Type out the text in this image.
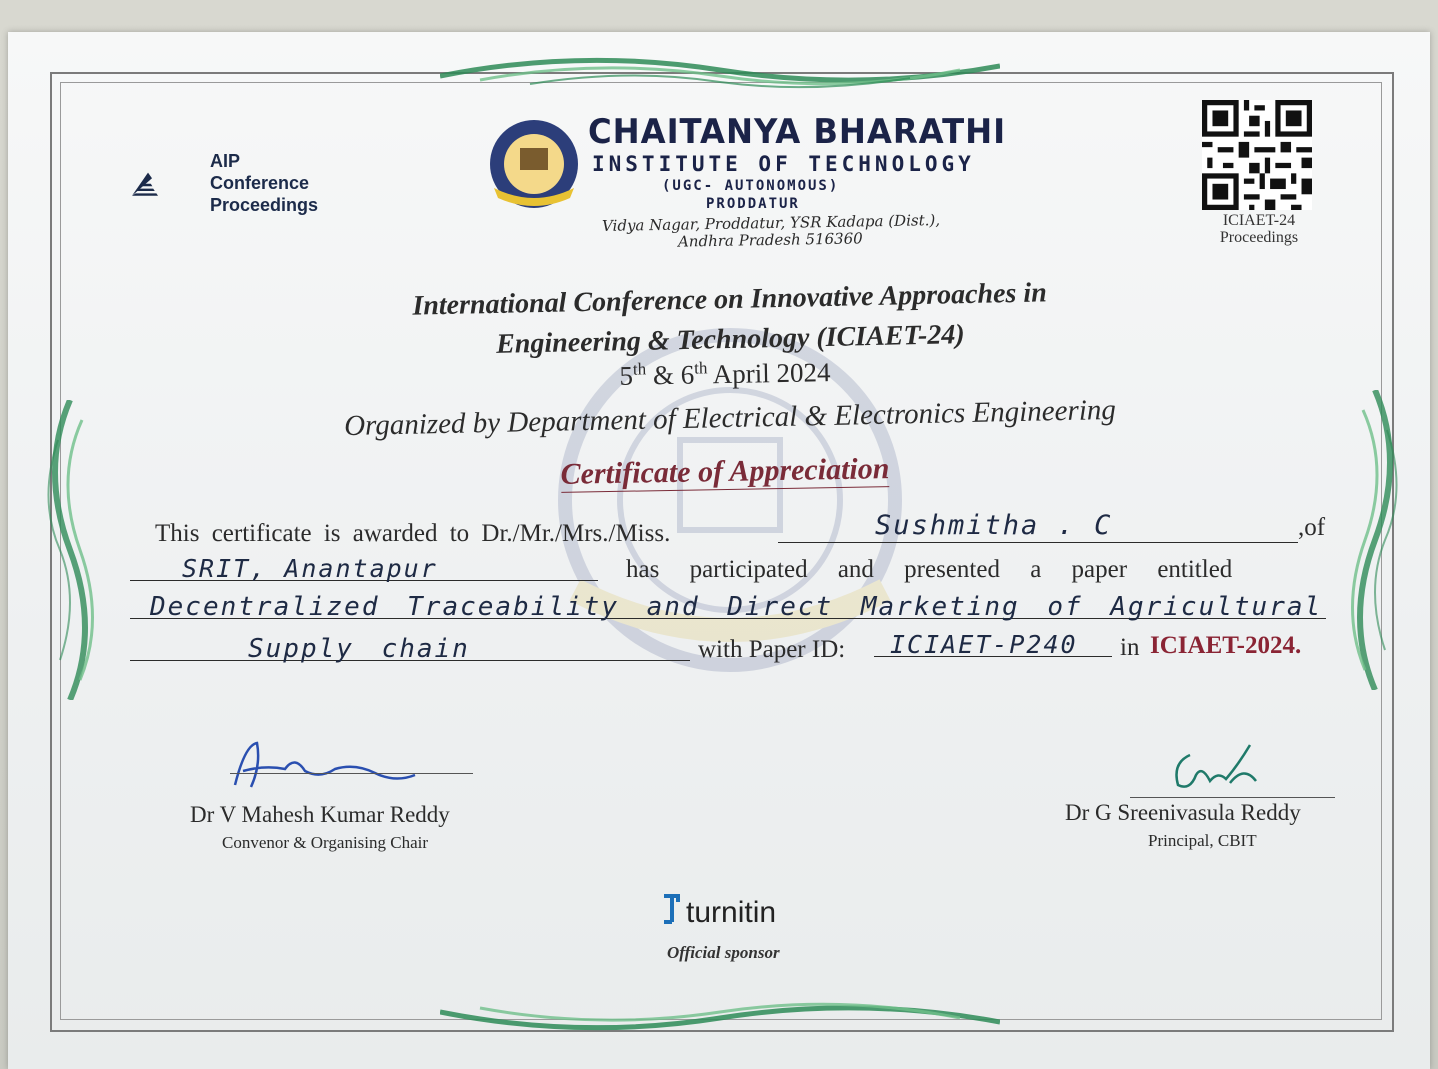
AIP
Conference
Proceedings
CHAITANYA BHARATHI
INSTITUTE OF TECHNOLOGY
(UGC- AUTONOMOUS)
PRODDATUR
Vidya Nagar, Proddatur, YSR Kadapa (Dist.),
Andhra Pradesh 516360
ICIAET-24
Proceedings
International Conference on Innovative Approaches in
Engineering & Technology (ICIAET-24)
5th & 6th April 2024
Organized by Department of Electrical & Electronics Engineering
Certificate of Appreciation
This certificate is awarded to Dr./Mr./Mrs./Miss.	Sushmitha . C	,of
SRIT, Anantapur	has participated and presented a paper entitled
Decentralized Traceability and Direct Marketing of Agricultural
Supply chain	with Paper ID: ICIAET-P240 in ICIAET-2024.
Dr V Mahesh Kumar Reddy
Convenor & Organising Chair
Dr G Sreenivasula Reddy
Principal, CBIT
turnitin
Official sponsor
